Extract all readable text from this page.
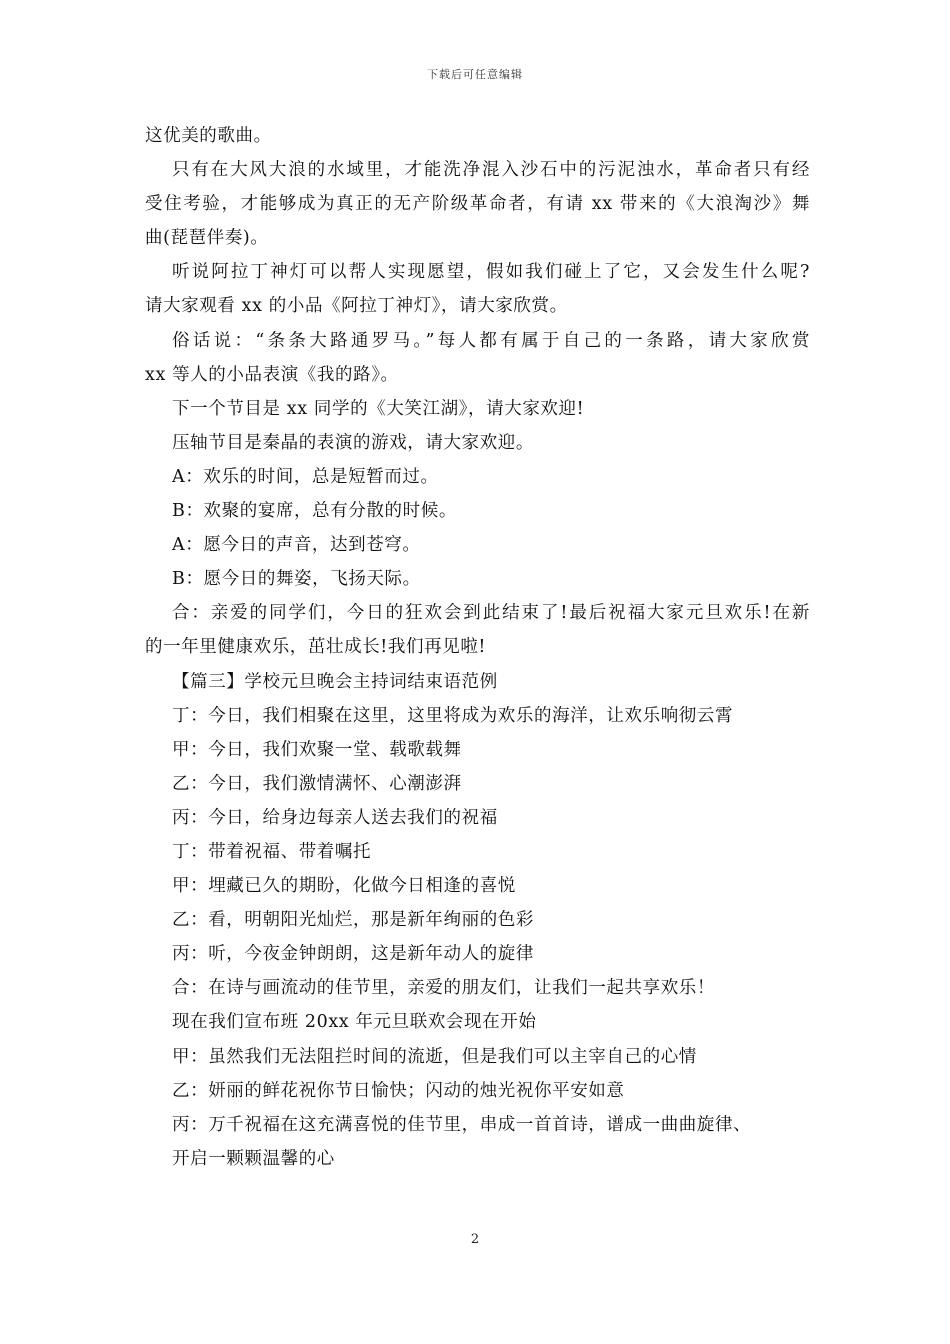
下载后可任意编辑
这优美的歌曲。
只有在大风大浪的水域里，才能洗净混入沙石中的污泥浊水，革命者只有经
受住考验，才能够成为真正的无产阶级革命者，有请 xx 带来的《大浪淘沙》舞
曲(琵琶伴奏)。
听说阿拉丁神灯可以帮人实现愿望，假如我们碰上了它，又会发生什么呢?
请大家观看 xx 的小品《阿拉丁神灯》，请大家欣赏。
俗话说：“条条大路通罗马。”每人都有属于自己的一条路，请大家欣赏
xx 等人的小品表演《我的路》。
下一个节目是 xx 同学的《大笑江湖》，请大家欢迎!
压轴节目是秦晶的表演的游戏，请大家欢迎。
A：欢乐的时间，总是短暂而过。
B：欢聚的宴席，总有分散的时候。
A：愿今日的声音，达到苍穹。
B：愿今日的舞姿，飞扬天际。
合：亲爱的同学们，今日的狂欢会到此结束了!最后祝福大家元旦欢乐!在新
的一年里健康欢乐，茁壮成长!我们再见啦!
【篇三】学校元旦晚会主持词结束语范例
丁：今日，我们相聚在这里，这里将成为欢乐的海洋，让欢乐响彻云霄
甲：今日，我们欢聚一堂、载歌载舞
乙：今日，我们激情满怀、心潮澎湃
丙：今日，给身边每亲人送去我们的祝福
丁：带着祝福、带着嘱托
甲：埋藏已久的期盼，化做今日相逢的喜悦
乙：看，明朝阳光灿烂，那是新年绚丽的色彩
丙：听，今夜金钟朗朗，这是新年动人的旋律
合：在诗与画流动的佳节里，亲爱的朋友们，让我们一起共享欢乐！
现在我们宣布班 20xx 年元旦联欢会现在开始
甲：虽然我们无法阻拦时间的流逝，但是我们可以主宰自己的心情
乙：妍丽的鲜花祝你节日愉快；闪动的烛光祝你平安如意
丙：万千祝福在这充满喜悦的佳节里，串成一首首诗，谱成一曲曲旋律、
开启一颗颗温馨的心
2
